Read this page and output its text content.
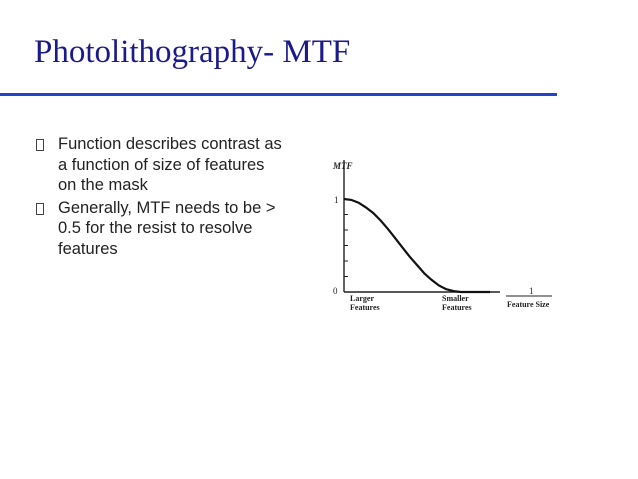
Photolithography- MTF
Function describes contrast as a function of size of features on the mask
Generally, MTF needs to be > 0.5 for the resist to resolve features
MTF
1
0	1
Feature Size
Larger Features
Smaller Features
